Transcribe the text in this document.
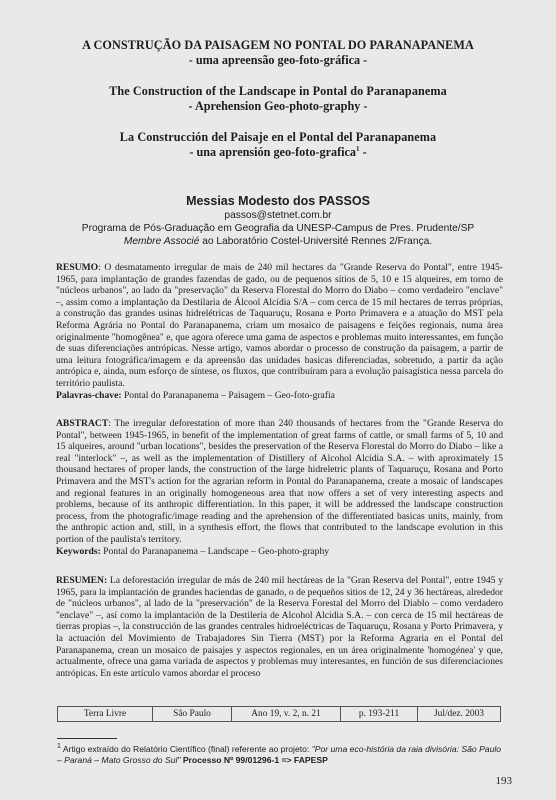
A CONSTRUÇÃO DA PAISAGEM NO PONTAL DO PARANAPANEMA
- uma apreensão geo-foto-gráfica -
The Construction of the Landscape in Pontal do Paranapanema
- Aprehension Geo-photo-graphy -
La Construcción del Paisaje en el Pontal del Paranapanema
- una aprensión geo-foto-grafica$^1$ -
Messias Modesto dos PASSOS
passos@stetnet.com.br
Programa de Pós-Graduação em Geografia da UNESP-Campus de Pres. Prudente/SP
Membre Associé ao Laboratório Costel-Université Rennes 2/França.
RESUMO: O desmatamento irregular de mais de 240 mil hectares da "Grande Reserva do Pontal", entre 1945-1965, para implantação de grandes fazendas de gado, ou de pequenos sítios de 5, 10 e 15 alqueires, em torno de "núcleos urbanos", ao lado da "preservação" da Reserva Florestal do Morro do Diabo – como verdadeiro "enclave" –, assim como a implantação da Destilaria de Álcool Alcídia S/A – com cerca de 15 mil hectares de terras próprias, a construção das grandes usinas hidrelétricas de Taquaruçu, Rosana e Porto Primavera e a atuação do MST pela Reforma Agrária no Pontal do Paranapanema, criam um mosaico de paisagens e feições regionais, numa área originalmente "homogênea" e, que agora oferece uma gama de aspectos e problemas muito interessantes, em função de suas diferenciações antrópicas. Nesse artigo, vamos abordar o processo de construção da paisagem, a partir de uma leitura fotográfica/imagem e da apreensão das unidades basicas diferenciadas, sobretudo, a partir da ação antrópica e, ainda, num esforço de síntese, os fluxos, que contribuíram para a evolução paisagística nessa parcela do território paulista.
Palavras-chave: Pontal do Paranapanema – Paisagem – Geo-foto-grafia
ABSTRACT: The irregular deforestation of more than 240 thousands of hectares from the "Grande Reserva do Pontal", between 1945-1965, in benefit of the implementation of great farms of cattle, or small farms of 5, 10 and 15 alqueires, around "urban locations", besides the preservation of the Reserva Florestal do Morro do Diabo – like a real "interlock" –, as well as the implementation of Distillery of Alcohol Alcídia S.A. – with aproximately 15 thousand hectares of proper lands, the construction of the large hidreletric plants of Taquaruçu, Rosana and Porto Primavera and the MST's action for the agrarian reform in Pontal do Paranapanema, create a mosaic of landscapes and regional features in an originally homogeneous area that now offers a set of very interesting aspects and problems, because of its anthropic differentiation. In this paper, it will be addressed the landscape construction process, from the photografic/image reading and the aprehension of the differentiated basicas units, mainly, from the anthropic action and, still, in a synthesis effort, the flows that contributed to the landscape evolution in this portion of the paulista's territory.
Keywords: Pontal do Paranapanema – Landscape – Geo-photo-graphy
RESUMEN: La deforestación irregular de más de 240 mil hectáreas de la "Gran Reserva del Pontal", entre 1945 y 1965, para la implantación de grandes haciendas de ganado, o de pequeños sitios de 12, 24 y 36 hectáreas, alrededor de "núcleos urbanos", al lado de la "preservación" de la Reserva Forestal del Morro del Diablo – como verdadero "enclave" –, así como la implantación de la Destilería de Alcohol Alcidia S.A. – con cerca de 15 mil hectáreas de tierras propias –, la construcción de las grandes centrales hidroeléctricas de Taquaruçu, Rosana y Porto Primavera, y la actuación del Movimiento de Trabajadores Sin Tierra (MST) por la Reforma Agraria en el Pontal del Paranapanema, crean un mosaico de paisajes y aspectos regionales, en un área originalmente 'homogénea' y que, actualmente, ofrece una gama variada de aspectos y problemas muy interesantes, en función de sus diferenciaciones antrópicas. En este artículo vamos abordar el proceso
Terra Livre	São Paulo	Ano 19, v. 2, n. 21	p. 193-211	Jul/dez. 2003
$^1$ Artigo extraído do Relatório Científico (final) referente ao projeto: "Por uma eco-história da raia divisória: São Paulo – Paraná – Mato Grosso do Sul" Processo Nº 99/01296-1 => FAPESP
193
